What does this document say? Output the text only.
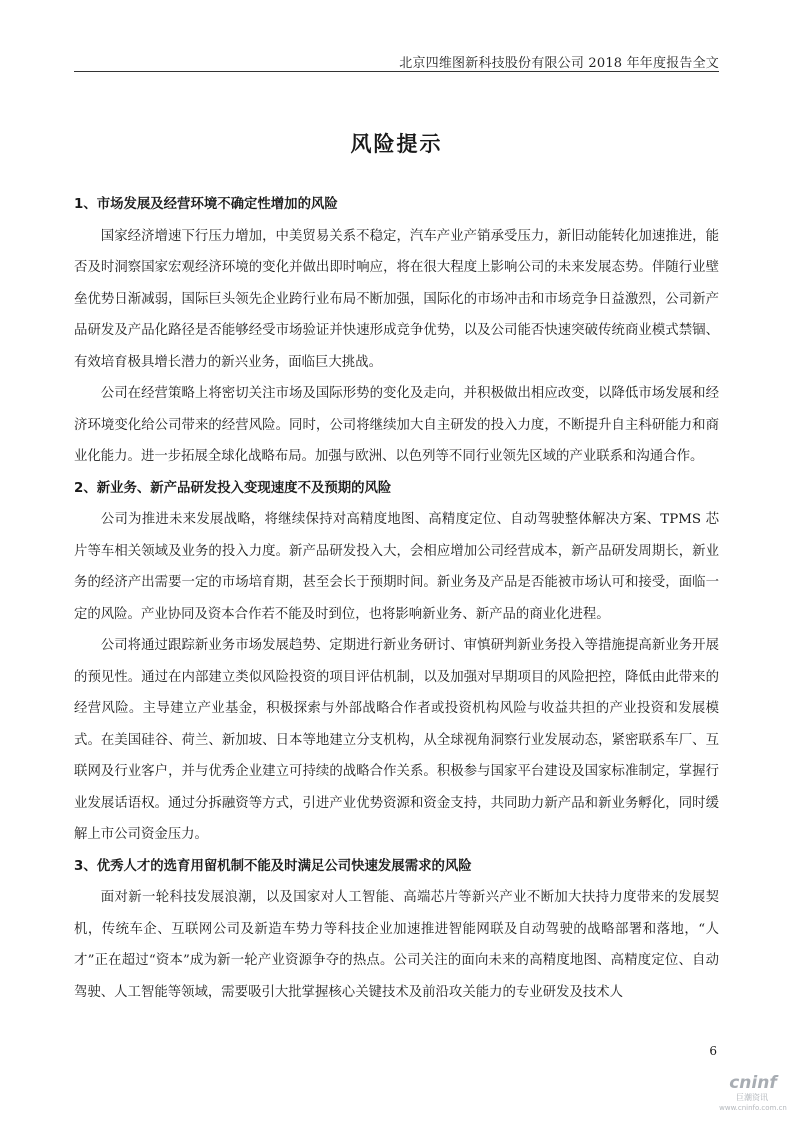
北京四维图新科技股份有限公司 2018 年年度报告全文
风险提示
1、市场发展及经营环境不确定性增加的风险

国家经济增速下行压力增加，中美贸易关系不稳定，汽车产业产销承受压力，新旧动能转化加速推进，能否及时洞察国家宏观经济环境的变化并做出即时响应，将在很大程度上影响公司的未来发展态势。伴随行业壁垒优势日渐减弱，国际巨头领先企业跨行业布局不断加强，国际化的市场冲击和市场竞争日益激烈，公司新产品研发及产品化路径是否能够经受市场验证并快速形成竞争优势，以及公司能否快速突破传统商业模式禁锢、有效培育极具增长潜力的新兴业务，面临巨大挑战。

公司在经营策略上将密切关注市场及国际形势的变化及走向，并积极做出相应改变，以降低市场发展和经济环境变化给公司带来的经营风险。同时，公司将继续加大自主研发的投入力度，不断提升自主科研能力和商业化能力。进一步拓展全球化战略布局。加强与欧洲、以色列等不同行业领先区域的产业联系和沟通合作。

2、新业务、新产品研发投入变现速度不及预期的风险

公司为推进未来发展战略，将继续保持对高精度地图、高精度定位、自动驾驶整体解决方案、TPMS 芯片等车相关领域及业务的投入力度。新产品研发投入大，会相应增加公司经营成本，新产品研发周期长，新业务的经济产出需要一定的市场培育期，甚至会长于预期时间。新业务及产品是否能被市场认可和接受，面临一定的风险。产业协同及资本合作若不能及时到位，也将影响新业务、新产品的商业化进程。

公司将通过跟踪新业务市场发展趋势、定期进行新业务研讨、审慎研判新业务投入等措施提高新业务开展的预见性。通过在内部建立类似风险投资的项目评估机制，以及加强对早期项目的风险把控，降低由此带来的经营风险。主导建立产业基金，积极探索与外部战略合作者或投资机构风险与收益共担的产业投资和发展模式。在美国硅谷、荷兰、新加坡、日本等地建立分支机构，从全球视角洞察行业发展动态，紧密联系车厂、互联网及行业客户，并与优秀企业建立可持续的战略合作关系。积极参与国家平台建设及国家标准制定，掌握行业发展话语权。通过分拆融资等方式，引进产业优势资源和资金支持，共同助力新产品和新业务孵化，同时缓解上市公司资金压力。

3、优秀人才的选育用留机制不能及时满足公司快速发展需求的风险

面对新一轮科技发展浪潮，以及国家对人工智能、高端芯片等新兴产业不断加大扶持力度带来的发展契机，传统车企、互联网公司及新造车势力等科技企业加速推进智能网联及自动驾驶的战略部署和落地，“人才”正在超过“资本”成为新一轮产业资源争夺的热点。公司关注的面向未来的高精度地图、高精度定位、自动驾驶、人工智能等领域，需要吸引大批掌握核心关键技术及前沿攻关能力的专业研发及技术人

6
cninf
巨潮资讯
www.cninfo.com.cn
